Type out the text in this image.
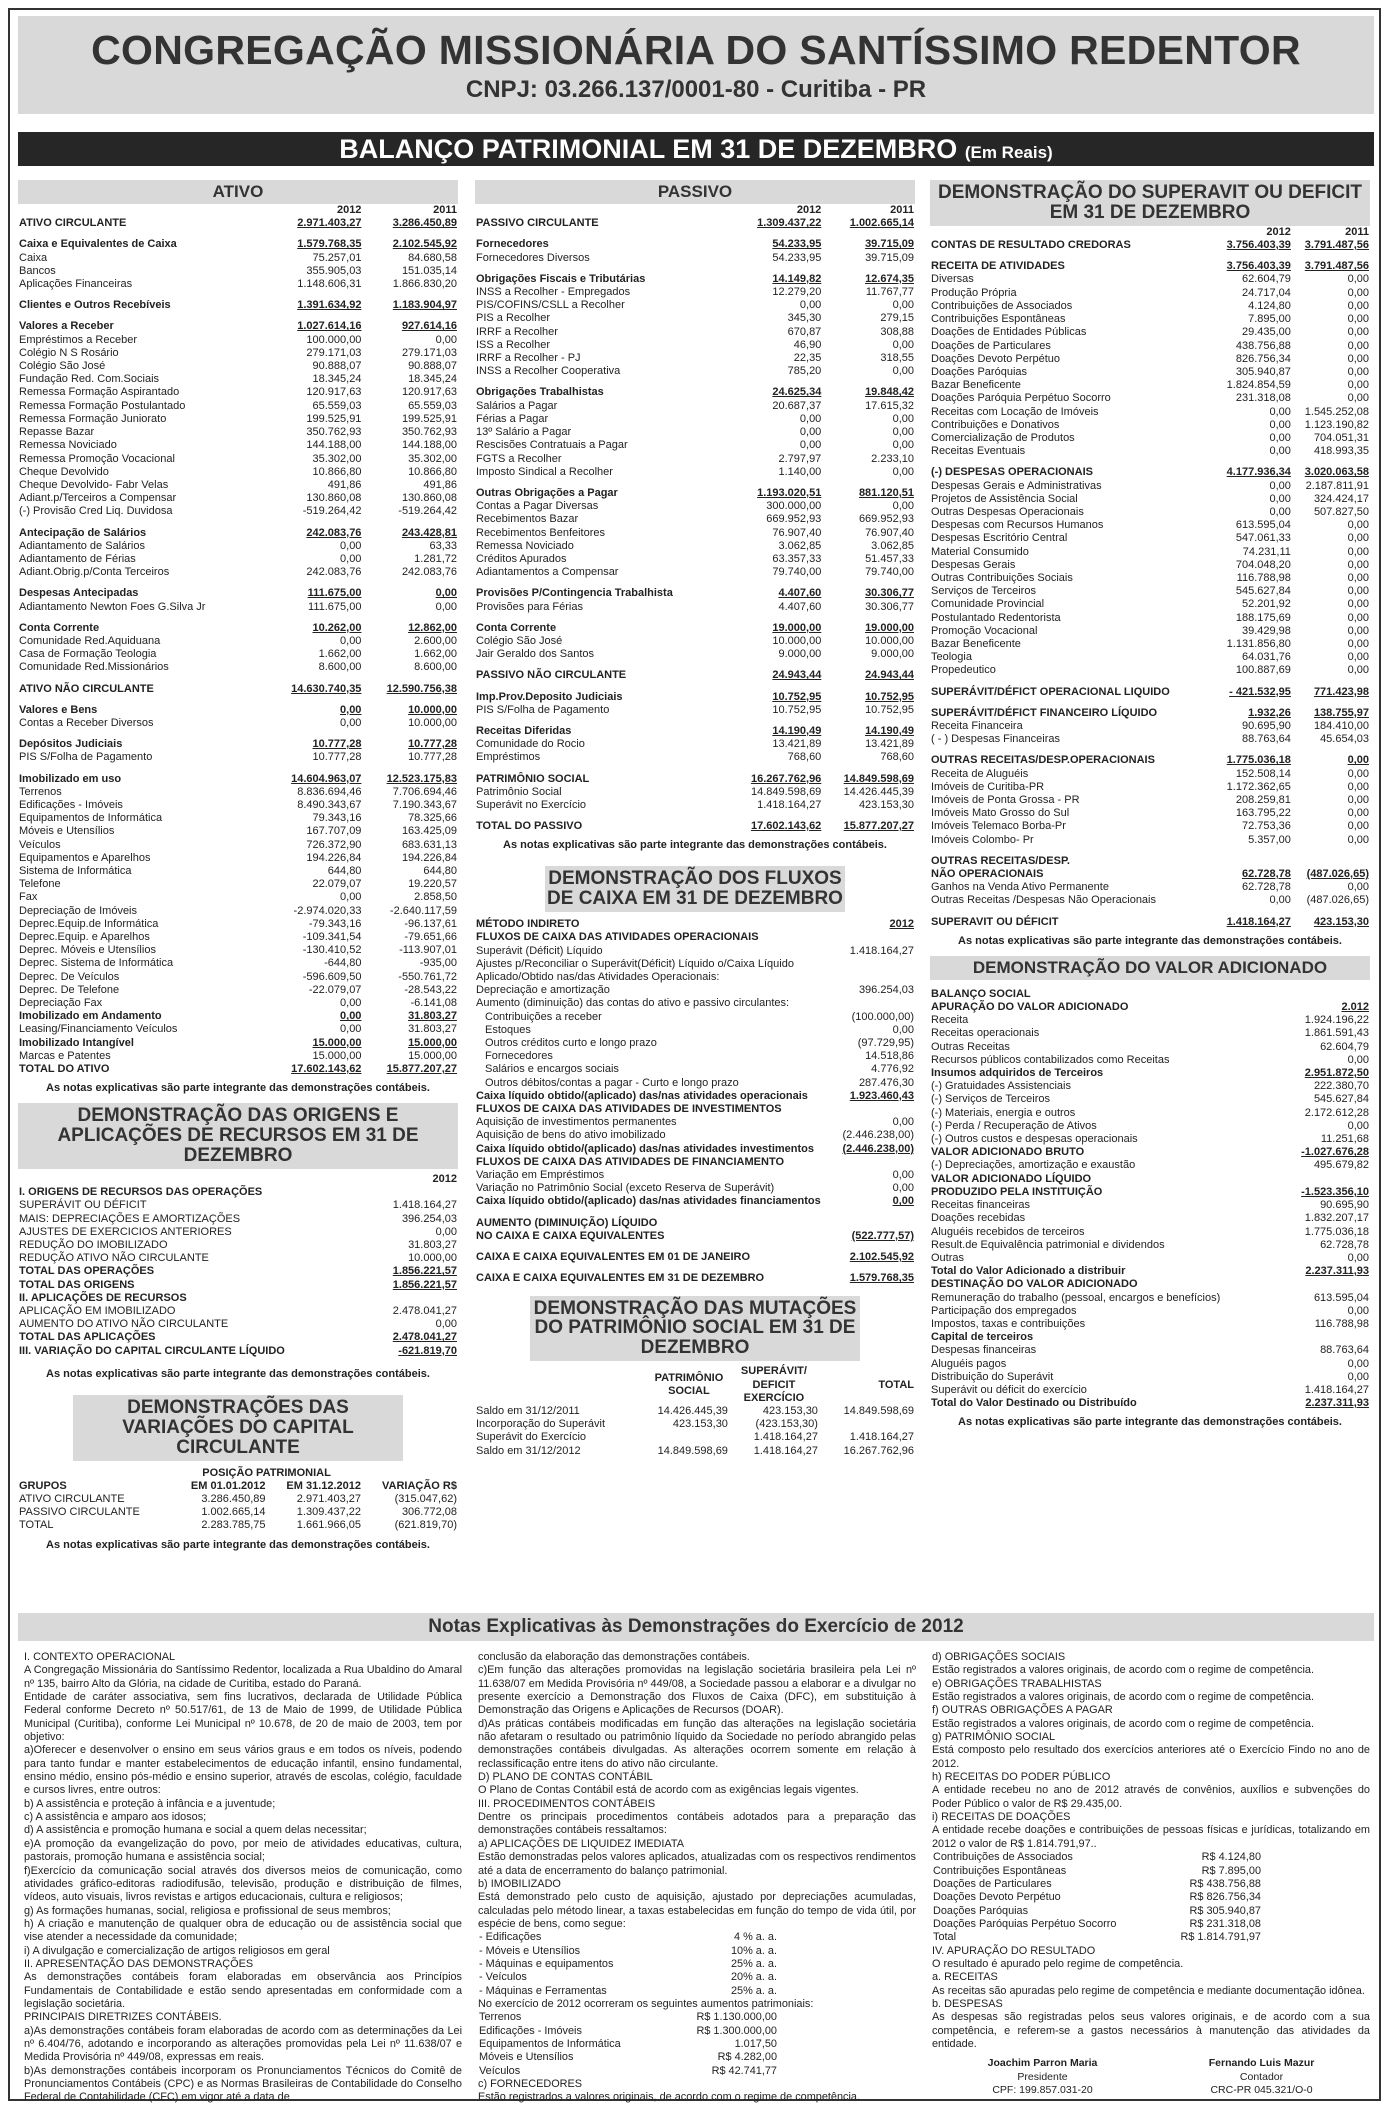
CONGREGAÇÃO MISSIONÁRIA DO SANTÍSSIMO REDENTOR
CNPJ: 03.266.137/0001-80 - Curitiba - PR
BALANÇO PATRIMONIAL EM 31 DE DEZEMBRO (Em Reais)
ATIVO
	2012	2011
ATIVO CIRCULANTE	2.971.403,27	3.286.450,89

Caixa e Equivalentes de Caixa	1.579.768,35	2.102.545,92
Caixa	75.257,01	84.680,58
Bancos	355.905,03	151.035,14
Aplicações Financeiras	1.148.606,31	1.866.830,20

Clientes e Outros Recebíveis	1.391.634,92	1.183.904,97

Valores a Receber	1.027.614,16	927.614,16
Empréstimos a Receber	100.000,00	0,00
Colégio N S Rosário	279.171,03	279.171,03
Colégio São José	90.888,07	90.888,07
Fundação Red. Com.Sociais	18.345,24	18.345,24
Remessa Formação Aspirantado	120.917,63	120.917,63
Remessa Formação Postulantado	65.559,03	65.559,03
Remessa Formação Juniorato	199.525,91	199.525,91
Repasse Bazar	350.762,93	350.762,93
Remessa Noviciado	144.188,00	144.188,00
Remessa Promoção Vocacional	35.302,00	35.302,00
Cheque Devolvido	10.866,80	10.866,80
Cheque Devolvido- Fabr Velas	491,86	491,86
Adiant.p/Terceiros a Compensar	130.860,08	130.860,08
(-) Provisão Cred Liq. Duvidosa	-519.264,42	-519.264,42

Antecipação de Salários	242.083,76	243.428,81
Adiantamento de Salários	0,00	63,33
Adiantamento de Férias	0,00	1.281,72
Adiant.Obrig.p/Conta Terceiros	242.083,76	242.083,76

Despesas Antecipadas	111.675,00	0,00
Adiantamento Newton Foes G.Silva Jr	111.675,00	0,00

Conta Corrente	10.262,00	12.862,00
Comunidade Red.Aquiduana	0,00	2.600,00
Casa de Formação Teologia	1.662,00	1.662,00
Comunidade Red.Missionários	8.600,00	8.600,00

ATIVO NÃO CIRCULANTE	14.630.740,35	12.590.756,38

Valores e Bens	0,00	10.000,00
Contas a Receber Diversos	0,00	10.000,00

Depósitos Judiciais	10.777,28	10.777,28
PIS S/Folha de Pagamento	10.777,28	10.777,28

Imobilizado em uso	14.604.963,07	12.523.175,83
Terrenos	8.836.694,46	7.706.694,46
Edificações - Imóveis	8.490.343,67	7.190.343,67
Equipamentos de Informática	79.343,16	78.325,66
Móveis e Utensílios	167.707,09	163.425,09
Veículos	726.372,90	683.631,13
Equipamentos e Aparelhos	194.226,84	194.226,84
Sistema de Informática	644,80	644,80
Telefone	22.079,07	19.220,57
Fax	0,00	2.858,50
Depreciação de Imóveis	-2.974.020,33	-2.640.117,59
Deprec.Equip.de Informática	-79.343,16	-96.137,61
Deprec.Equip. e Aparelhos	-109.341,54	-79.651,66
Deprec. Móveis e Utensílios	-130.410,52	-113.907,01
Deprec. Sistema de Informática	-644,80	-935,00
Deprec. De Veículos	-596.609,50	-550.761,72
Deprec. De Telefone	-22.079,07	-28.543,22
Depreciação Fax	0,00	-6.141,08
Imobilizado em Andamento	0,00	31.803,27
Leasing/Financiamento Veículos	0,00	31.803,27
Imobilizado Intangível	15.000,00	15.000,00
Marcas e Patentes	15.000,00	15.000,00
TOTAL DO ATIVO	17.602.143,62	15.877.207,27
As notas explicativas são parte integrante das demonstrações contábeis.
DEMONSTRAÇÃO DAS ORIGENS E APLICAÇÕES DE RECURSOS EM 31 DE DEZEMBRO
	2012
I. ORIGENS DE RECURSOS DAS OPERAÇÕES	
SUPERÁVIT OU DÉFICIT	1.418.164,27
MAIS: DEPRECIAÇÕES E AMORTIZAÇÕES	396.254,03
AJUSTES DE EXERCICIOS ANTERIORES	0,00
REDUÇÃO DO IMOBILIZADO	31.803,27
REDUÇÃO ATIVO NÃO CIRCULANTE	10.000,00
TOTAL DAS OPERAÇÕES	1.856.221,57
TOTAL DAS ORIGENS	1.856.221,57
II. APLICAÇÕES DE RECURSOS	
APLICAÇÃO EM IMOBILIZADO	2.478.041,27
AUMENTO DO ATIVO NÃO CIRCULANTE	0,00
TOTAL DAS APLICAÇÕES	2.478.041,27
III. VARIAÇÃO DO CAPITAL CIRCULANTE LÍQUIDO	-621.819,70
As notas explicativas são parte integrante das demonstrações contábeis.
DEMONSTRAÇÕES DAS VARIAÇÕES DO CAPITAL CIRCULANTE
	POSIÇÃO PATRIMONIAL		
GRUPOS	EM 01.01.2012	EM 31.12.2012	VARIAÇÃO R$
ATIVO CIRCULANTE	3.286.450,89	2.971.403,27	(315.047,62)
PASSIVO CIRCULANTE	1.002.665,14	1.309.437,22	306.772,08
TOTAL	2.283.785,75	1.661.966,05	(621.819,70)
As notas explicativas são parte integrante das demonstrações contábeis.
PASSIVO
	2012	2011
PASSIVO CIRCULANTE	1.309.437,22	1.002.665,14

Fornecedores	54.233,95	39.715,09
Fornecedores Diversos	54.233,95	39.715,09

Obrigações Fiscais e Tributárias	14.149,82	12.674,35
INSS a Recolher - Empregados	12.279,20	11.767,77
PIS/COFINS/CSLL a Recolher	0,00	0,00
PIS a Recolher	345,30	279,15
IRRF a Recolher	670,87	308,88
ISS a Recolher	46,90	0,00
IRRF a Recolher - PJ	22,35	318,55
INSS a Recolher Cooperativa	785,20	0,00

Obrigações Trabalhistas	24.625,34	19.848,42
Salários a Pagar	20.687,37	17.615,32
Férias a Pagar	0,00	0,00
13º Salário a Pagar	0,00	0,00
Rescisões Contratuais a Pagar	0,00	0,00
FGTS a Recolher	2.797,97	2.233,10
Imposto Sindical a Recolher	1.140,00	0,00

Outras Obrigações a Pagar	1.193.020,51	881.120,51
Contas a Pagar Diversas	300.000,00	0,00
Recebimentos Bazar	669.952,93	669.952,93
Recebimentos Benfeitores	76.907,40	76.907,40
Remessa Noviciado	3.062,85	3.062,85
Créditos Apurados	63.357,33	51.457,33
Adiantamentos a Compensar	79.740,00	79.740,00

Provisões P/Contingencia Trabalhista	4.407,60	30.306,77
Provisões para Férias	4.407,60	30.306,77

Conta Corrente	19.000,00	19.000,00
Colégio São José	10.000,00	10.000,00
Jair Geraldo dos Santos	9.000,00	9.000,00

PASSIVO NÃO CIRCULANTE	24.943,44	24.943,44

Imp.Prov.Deposito Judiciais	10.752,95	10.752,95
PIS S/Folha de Pagamento	10.752,95	10.752,95

Receitas Diferidas	14.190,49	14.190,49
Comunidade do Rocio	13.421,89	13.421,89
Empréstimos	768,60	768,60

PATRIMÔNIO SOCIAL	16.267.762,96	14.849.598,69
Patrimônio Social	14.849.598,69	14.426.445,39
Superávit no Exercício	1.418.164,27	423.153,30

TOTAL DO PASSIVO	17.602.143,62	15.877.207,27
As notas explicativas são parte integrante das demonstrações contábeis.
DEMONSTRAÇÃO DOS FLUXOS DE CAIXA EM 31 DE DEZEMBRO
MÉTODO INDIRETO	2012
FLUXOS DE CAIXA DAS ATIVIDADES OPERACIONAIS	
Superávit (Déficit) Líquido	1.418.164,27
Ajustes p/Reconciliar o Superávit(Déficit) Líquido o/Caixa Líquido	
Aplicado/Obtido nas/das Atividades Operacionais:	
Depreciação e amortização	396.254,03
Aumento (diminuição) das contas do ativo e passivo circulantes:	
Contribuições a receber	(100.000,00)
Estoques	0,00
Outros créditos curto e longo prazo	(97.729,95)
Fornecedores	14.518,86
Salários e encargos sociais	4.776,92
Outros débitos/contas a pagar - Curto e longo prazo	287.476,30
Caixa líquido obtido/(aplicado) das/nas atividades operacionais	1.923.460,43
FLUXOS DE CAIXA DAS ATIVIDADES DE INVESTIMENTOS	
Aquisição de investimentos permanentes	0,00
Aquisição de bens do ativo imobilizado	(2.446.238,00)
Caixa líquido obtido/(aplicado) das/nas atividades investimentos	(2.446.238,00)
FLUXOS DE CAIXA DAS ATIVIDADES DE FINANCIAMENTO	
Variação em Empréstimos	0,00
Variação no Patrimônio Social (exceto Reserva de Superávit)	0,00
Caixa líquido obtido/(aplicado) das/nas atividades financiamentos	0,00

AUMENTO (DIMINUIÇÃO) LÍQUIDO	
NO CAIXA E CAIXA EQUIVALENTES	(522.777,57)

CAIXA E CAIXA EQUIVALENTES EM 01 DE JANEIRO	2.102.545,92

CAIXA E CAIXA EQUIVALENTES EM 31 DE DEZEMBRO	1.579.768,35
DEMONSTRAÇÃO DAS MUTAÇÕES DO PATRIMÔNIO SOCIAL EM 31 DE DEZEMBRO
	PATRIMÔNIO SOCIAL	SUPERÁVIT/ DEFICIT EXERCÍCIO	TOTAL
Saldo em 31/12/2011	14.426.445,39	423.153,30	14.849.598,69
Incorporação do Superávit	423.153,30	(423.153,30)	
Superávit do Exercício		1.418.164,27	1.418.164,27
Saldo em 31/12/2012	14.849.598,69	1.418.164,27	16.267.762,96
DEMONSTRAÇÃO DO SUPERAVIT OU DEFICIT EM 31 DE DEZEMBRO
	2012	2011
CONTAS DE RESULTADO CREDORAS	3.756.403,39	3.791.487,56

RECEITA DE ATIVIDADES	3.756.403,39	3.791.487,56
Diversas	62.604,79	0,00
Produção Própria	24.717,04	0,00
Contribuições de Associados	4.124,80	0,00
Contribuições Espontâneas	7.895,00	0,00
Doações de Entidades Públicas	29.435,00	0,00
Doações de Particulares	438.756,88	0,00
Doações Devoto Perpétuo	826.756,34	0,00
Doações Paróquias	305.940,87	0,00
Bazar Beneficente	1.824.854,59	0,00
Doações Paróquia Perpétuo Socorro	231.318,08	0,00
Receitas com Locação de Imóveis	0,00	1.545.252,08
Contribuições e Donativos	0,00	1.123.190,82
Comercialização de Produtos	0,00	704.051,31
Receitas Eventuais	0,00	418.993,35

(-) DESPESAS OPERACIONAIS	4.177.936,34	3.020.063,58
Despesas Gerais e Administrativas	0,00	2.187.811,91
Projetos de Assistência Social	0,00	324.424,17
Outras Despesas Operacionais	0,00	507.827,50
Despesas com Recursos Humanos	613.595,04	0,00
Despesas Escritório Central	547.061,33	0,00
Material Consumido	74.231,11	0,00
Despesas Gerais	704.048,20	0,00
Outras Contribuições Sociais	116.788,98	0,00
Serviços de Terceiros	545.627,84	0,00
Comunidade Provincial	52.201,92	0,00
Postulantado Redentorista	188.175,69	0,00
Promoção Vocacional	39.429,98	0,00
Bazar Beneficente	1.131.856,80	0,00
Teologia	64.031,76	0,00
Propedeutico	100.887,69	0,00

SUPERÁVIT/DÉFICT OPERACIONAL LIQUIDO	- 421.532,95	771.423,98

SUPERÁVIT/DÉFICT FINANCEIRO LÍQUIDO	1.932,26	138.755,97
Receita Financeira	90.695,90	184.410,00
( - ) Despesas Financeiras	88.763,64	45.654,03

OUTRAS RECEITAS/DESP.OPERACIONAIS	1.775.036,18	0,00
Receita de Aluguéis	152.508,14	0,00
Imóveis de Curitiba-PR	1.172.362,65	0,00
Imóveis de Ponta Grossa - PR	208.259,81	0,00
Imóveis Mato Grosso do Sul	163.795,22	0,00
Imóveis Telemaco Borba-Pr	72.753,36	0,00
Imóveis Colombo- Pr	5.357,00	0,00

OUTRAS RECEITAS/DESP.		
NÃO OPERACIONAIS	62.728,78	(487.026,65)
Ganhos na Venda Ativo Permanente	62.728,78	0,00
Outras Receitas /Despesas Não Operacionais	0,00	(487.026,65)

SUPERAVIT OU DÉFICIT	1.418.164,27	423.153,30
As notas explicativas são parte integrante das demonstrações contábeis.
DEMONSTRAÇÃO DO VALOR ADICIONADO
BALANÇO SOCIAL	
APURAÇÃO DO VALOR ADICIONADO	2.012
Receita	1.924.196,22
Receitas operacionais	1.861.591,43
Outras Receitas	62.604,79
Recursos públicos contabilizados como Receitas	0,00
Insumos adquiridos de Terceiros	2.951.872,50
(-) Gratuidades Assistenciais	222.380,70
(-) Serviços de Terceiros	545.627,84
(-) Materiais, energia e outros	2.172.612,28
(-) Perda / Recuperação de Ativos	0,00
(-) Outros custos e despesas operacionais	11.251,68
VALOR ADICIONADO BRUTO	-1.027.676,28
(-) Depreciações, amortização e exaustão	495.679,82
VALOR ADICIONADO LÍQUIDO	
PRODUZIDO PELA INSTITUIÇÃO	-1.523.356,10
Receitas financeiras	90.695,90
Doações recebidas	1.832.207,17
Aluguéis recebidos de terceiros	1.775.036,18
Result.de Equivalência patrimonial e dividendos	62.728,78
Outras	0,00
Total do Valor Adicionado a distribuir	2.237.311,93
DESTINAÇÃO DO VALOR ADICIONADO	
Remuneração do trabalho (pessoal, encargos e benefícios)	613.595,04
Participação dos empregados	0,00
Impostos, taxas e contribuições	116.788,98
Capital de terceiros	
Despesas financeiras	88.763,64
Aluguéis pagos	0,00
Distribuição do Superávit	0,00
Superávit ou déficit do exercício	1.418.164,27
Total do Valor Destinado ou Distribuído	2.237.311,93
As notas explicativas são parte integrante das demonstrações contábeis.
Notas Explicativas às Demonstrações do Exercício de 2012

I. CONTEXTO OPERACIONAL

A Congregação Missionária do Santíssimo Redentor, localizada a Rua Ubaldino do Amaral nº 135, bairro Alto da Glória, na cidade de Curitiba, estado do Paraná.

Entidade de caráter associativa, sem fins lucrativos, declarada de Utilidade Pública Federal conforme Decreto nº 50.517/61, de 13 de Maio de 1999, de Utilidade Pública Municipal (Curitiba), conforme Lei Municipal nº 10.678, de 20 de maio de 2003, tem por objetivo:

a)Oferecer e desenvolver o ensino em seus vários graus e em todos os níveis, podendo para tanto fundar e manter estabelecimentos de educação infantil, ensino fundamental, ensino médio, ensino pós-médio e ensino superior, através de escolas, colégio, faculdade e cursos livres, entre outros:

b) A assistência e proteção à infância e a juventude;

c) A assistência e amparo aos idosos;

d) A assistência e promoção humana e social a quem delas necessitar;

e)A promoção da evangelização do povo, por meio de atividades educativas, cultura, pastorais, promoção humana e assistência social;

f)Exercício da comunicação social através dos diversos meios de comunicação, como atividades gráfico-editoras radiodifusão, televisão, produção e distribuição de filmes, vídeos, auto visuais, livros revistas e artigos educacionais, cultura e religiosos;

g) As formações humanas, social, religiosa e profissional de seus membros;

h) A criação e manutenção de qualquer obra de educação ou de assistência social que vise atender a necessidade da comunidade;

i) A divulgação e comercialização de artigos religiosos em geral

II. APRESENTAÇÃO DAS DEMONSTRAÇÕES

As demonstrações contábeis foram elaboradas em observância aos Princípios Fundamentais de Contabilidade e estão sendo apresentadas em conformidade com a legislação societária.

PRINCIPAIS DIRETRIZES CONTÁBEIS.

a)As demonstrações contábeis foram elaboradas de acordo com as determinações da Lei nº 6.404/76, adotando e incorporando as alterações promovidas pela Lei nº 11.638/07 e Medida Provisória nº 449/08, expressas em reais.

b)As demonstrações contábeis incorporam os Pronunciamentos Técnicos do Comitê de Pronunciamentos Contábeis (CPC) e as Normas Brasileiras de Contabilidade do Conselho Federal de Contabilidade (CFC) em vigor até a data de

conclusão da elaboração das demonstrações contábeis.

c)Em função das alterações promovidas na legislação societária brasileira pela Lei nº 11.638/07 em Medida Provisória nº 449/08, a Sociedade passou a elaborar e a divulgar no presente exercício a Demonstração dos Fluxos de Caixa (DFC), em substituição à Demonstração das Origens e Aplicações de Recursos (DOAR).

d)As práticas contábeis modificadas em função das alterações na legislação societária não afetaram o resultado ou patrimônio líquido da Sociedade no período abrangido pelas demonstrações contábeis divulgadas. As alterações ocorrem somente em relação à reclassificação entre itens do ativo não circulante.

D) PLANO DE CONTAS CONTÁBIL

O Plano de Contas Contábil está de acordo com as exigências legais vigentes.

III. PROCEDIMENTOS CONTÁBEIS

Dentre os principais procedimentos contábeis adotados para a preparação das demonstrações contábeis ressaltamos:

a) APLICAÇÕES DE LIQUIDEZ IMEDIATA

Estão demonstradas pelos valores aplicados, atualizadas com os respectivos rendimentos até a data de encerramento do balanço patrimonial.

b) IMOBILIZADO

Está demonstrado pelo custo de aquisição, ajustado por depreciações acumuladas, calculadas pelo método linear, a taxas estabelecidas em função do tempo de vida útil, por espécie de bens, como segue:

- Edificações	4 % a. a.
- Móveis e Utensílios	10% a. a.
- Máquinas e equipamentos	25% a. a.
- Veículos	20% a. a.
- Máquinas e Ferramentas	25% a. a.

No exercício de 2012 ocorreram os seguintes aumentos patrimoniais:

Terrenos	R$ 1.130.000,00
Edificações - Imóveis	R$ 1.300.000,00
Equipamentos de Informática	1.017,50
Móveis e Utensílios	R$ 4.282,00
Veículos	R$ 42.741,77

c) FORNECEDORES

Estão registrados a valores originais, de acordo com o regime de competência.

d) OBRIGAÇÕES SOCIAIS

Estão registrados a valores originais, de acordo com o regime de competência.

e) OBRIGAÇÕES TRABALHISTAS

Estão registrados a valores originais, de acordo com o regime de competência.

f) OUTRAS OBRIGAÇÕES A PAGAR

Estão registrados a valores originais, de acordo com o regime de competência.

g) PATRIMÔNIO SOCIAL

Está composto pelo resultado dos exercícios anteriores até o Exercício Findo no ano de 2012.

h) RECEITAS DO PODER PÚBLICO

A entidade recebeu no ano de 2012 através de convênios, auxílios e subvenções do Poder Público o valor de R$ 29.435,00.

i) RECEITAS DE DOAÇÕES

A entidade recebe doações e contribuições de pessoas físicas e jurídicas, totalizando em 2012 o valor de R$ 1.814.791,97..

Contribuições de Associados	R$ 4.124,80
Contribuições Espontâneas	R$ 7.895,00
Doações de Particulares	R$ 438.756,88
Doações Devoto Perpétuo	R$ 826.756,34
Doações Paróquias	R$ 305.940,87
Doações Paróquias Perpétuo Socorro	R$ 231.318,08
Total	R$ 1.814.791,97

IV. APURAÇÃO DO RESULTADO

O resultado é apurado pelo regime de competência.

a. RECEITAS

As receitas são apuradas pelo regime de competência e mediante documentação idônea.

b. DESPESAS

As despesas são registradas pelos seus valores originais, e de acordo com a sua competência, e referem-se a gastos necessários à manutenção das atividades da entidade.

Joachim Parron Maria
Presidente
CPF: 199.857.031-20
Fernando Luis Mazur
Contador
CRC-PR 045.321/O-0
